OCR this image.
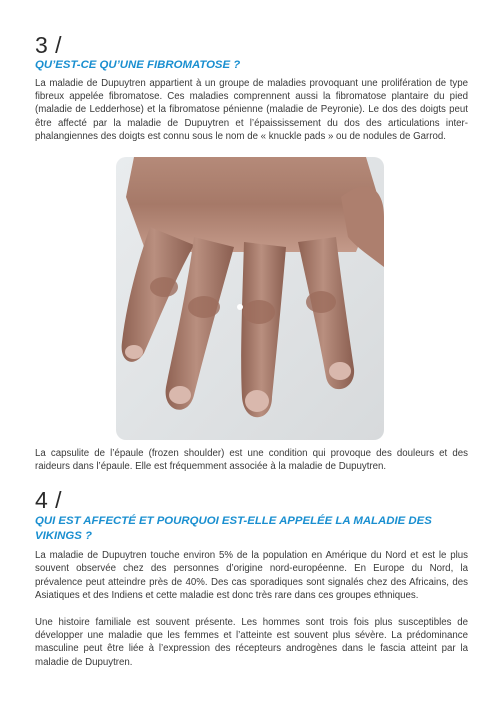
3 /
QU’EST-CE QU’UNE FIBROMATOSE ?

La maladie de Dupuytren appartient à un groupe de maladies provoquant une prolifération de type fibreux appelée fibromatose. Ces maladies comprennent aussi la fibromatose plantaire du pied (maladie de Ledderhose) et la fibromatose pénienne (maladie de Peyronie). Le dos des doigts peut être affecté par la maladie de Dupuytren et l’épaississement du dos des articulations inter-phalangiennes des doigts est connu sous le nom de « knuckle pads » ou de nodules de Garrod.

La capsulite de l’épaule (frozen shoulder) est une condition qui provoque des douleurs et des raideurs dans l’épaule. Elle est fréquemment associée à la maladie de Dupuytren.

4 /
QUI EST AFFECTÉ ET POURQUOI EST-ELLE APPELÉE LA MALADIE DES VIKINGS ?

La maladie de Dupuytren touche environ 5% de la population en Amérique du Nord et est le plus souvent observée chez des personnes d’origine nord-européenne. En Europe du Nord, la prévalence peut atteindre près de 40%. Des cas sporadiques sont signalés chez des Africains, des Asiatiques et des Indiens et cette maladie est donc très rare dans ces groupes ethniques.

Une histoire familiale est souvent présente. Les hommes sont trois fois plus susceptibles de développer une maladie que les femmes et l’atteinte est souvent plus sévère. La prédominance masculine peut être liée à l’expression des récepteurs androgènes dans le fascia atteint par la maladie de Dupuytren.
